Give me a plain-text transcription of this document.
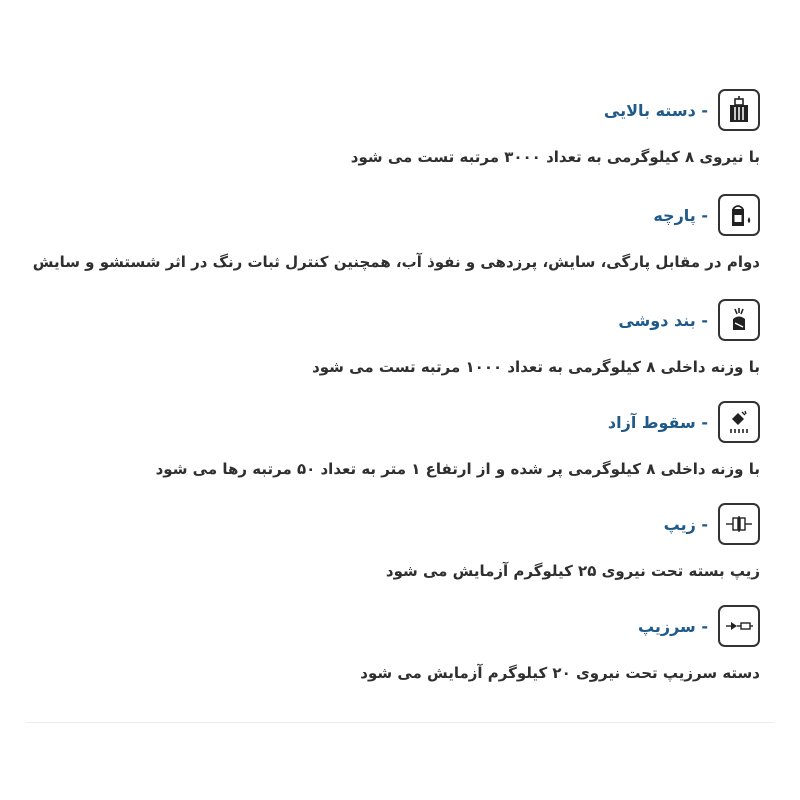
- دسته بالایی
با نیروی ۸ کیلوگرمی به تعداد ۳۰۰۰ مرتبه تست می شود
- پارچه
دوام در مقابل پارگی، سایش، پرزدهی و نفوذ آب، همچنین کنترل ثبات رنگ در اثر شستشو و سایش
- بند دوشی
با وزنه داخلی ۸ کیلوگرمی به تعداد ۱۰۰۰ مرتبه تست می شود
- سقوط آزاد
با وزنه داخلی ۸ کیلوگرمی پر شده و از ارتفاع ۱ متر به تعداد ۵۰ مرتبه رها می شود
- زیپ
زیپ بسته تحت نیروی ۲۵ کیلوگرم آزمایش می شود
- سرزیپ
دسته سرزیپ تحت نیروی ۲۰ کیلوگرم آزمایش می شود
